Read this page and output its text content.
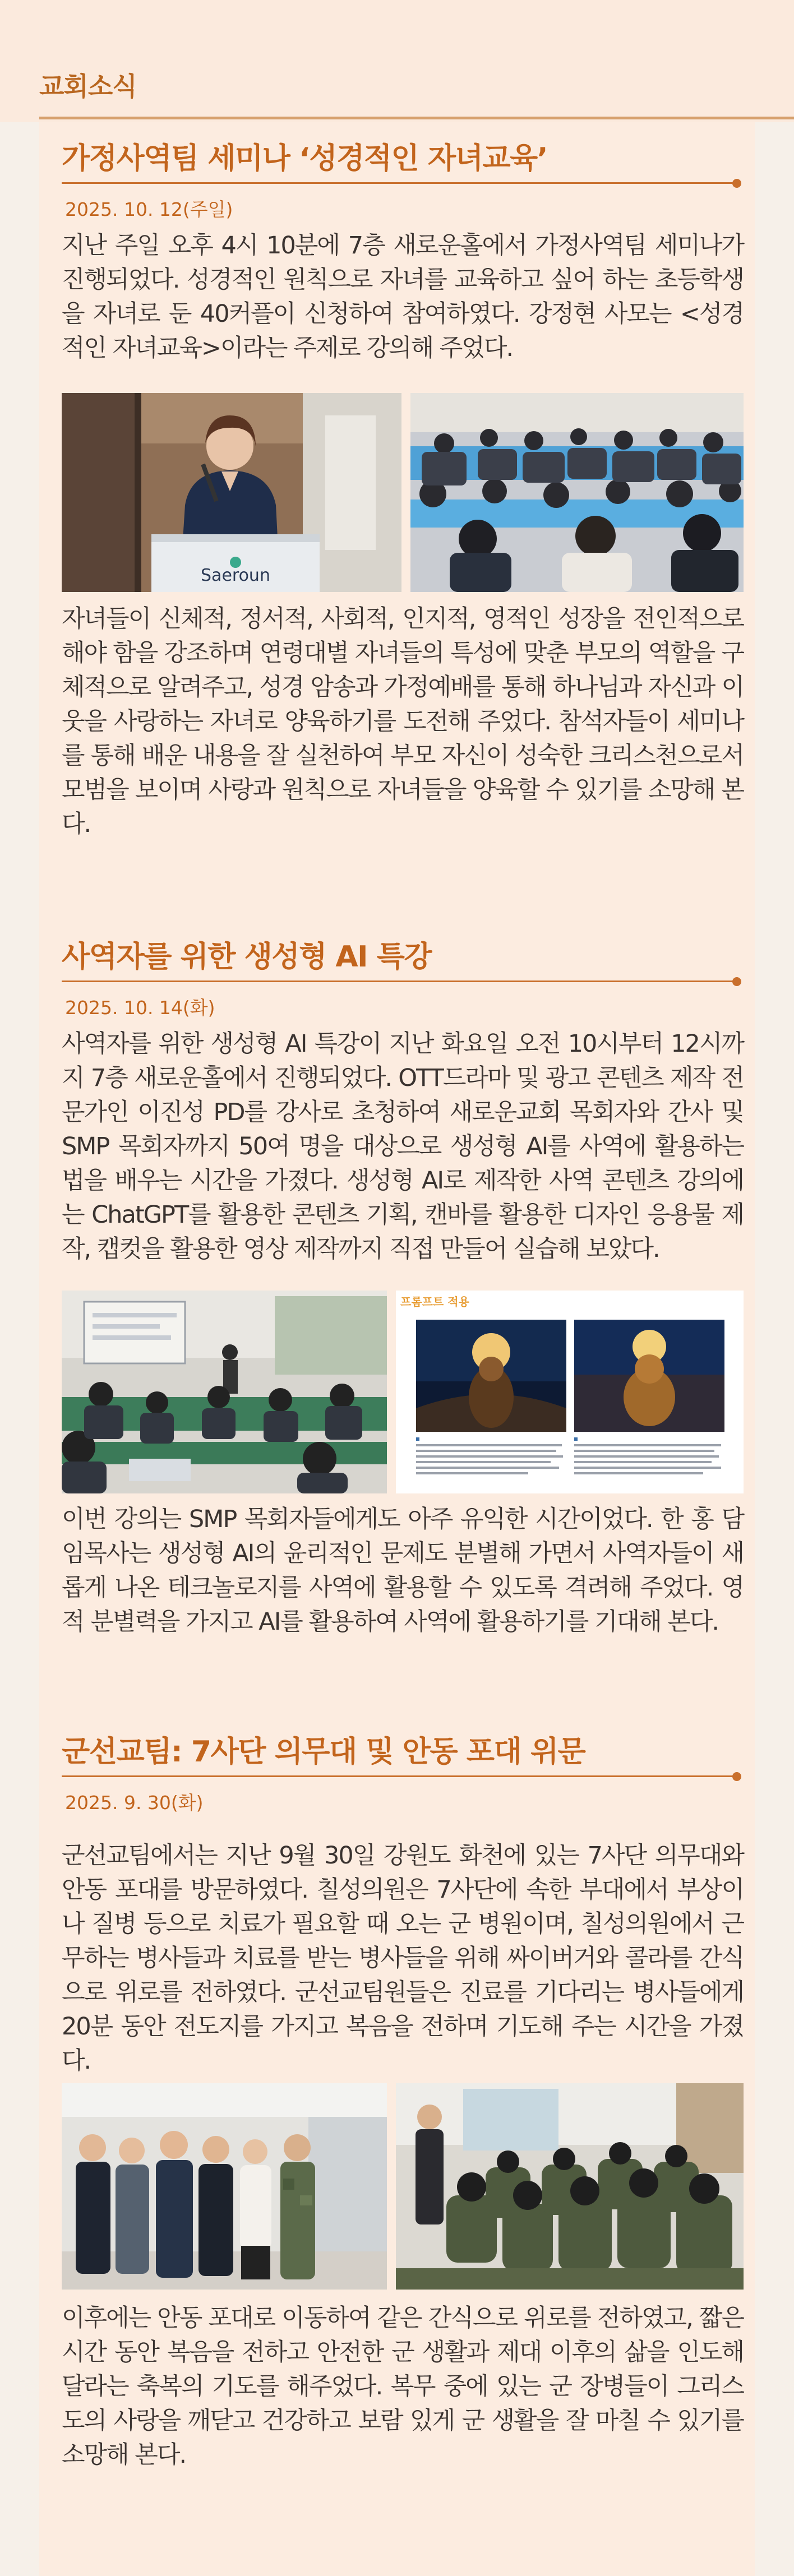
교회소식
가정사역팀 세미나 ‘성경적인 자녀교육’
2025. 10. 12(주일)

지난 주일 오후 4시 10분에 7층 새로운홀에서 가정사역팀 세미나가 진행되었다. 성경적인 원칙으로 자녀를 교육하고 싶어 하는 초등학생을 자녀로 둔 40커플이 신청하여 참여하였다. 강정현 사모는 <성경적인 자녀교육>이라는 주제로 강의해 주었다.

Saeroun

자녀들이 신체적, 정서적, 사회적, 인지적, 영적인 성장을 전인적으로 해야 함을 강조하며 연령대별 자녀들의 특성에 맞춘 부모의 역할을 구체적으로 알려주고, 성경 암송과 가정예배를 통해 하나님과 자신과 이웃을 사랑하는 자녀로 양육하기를 도전해 주었다. 참석자들이 세미나를 통해 배운 내용을 잘 실천하여 부모 자신이 성숙한 크리스천으로서 모범을 보이며 사랑과 원칙으로 자녀들을 양육할 수 있기를 소망해 본다.

사역자를 위한 생성형 AI 특강
2025. 10. 14(화)

사역자를 위한 생성형 AI 특강이 지난 화요일 오전 10시부터 12시까지 7층 새로운홀에서 진행되었다. OTT드라마 및 광고 콘텐츠 제작 전문가인 이진성 PD를 강사로 초청하여 새로운교회 목회자와 간사 및 SMP 목회자까지 50여 명을 대상으로 생성형 AI를 사역에 활용하는 법을 배우는 시간을 가졌다. 생성형 AI로 제작한 사역 콘텐츠 강의에는 ChatGPT를 활용한 콘텐츠 기획, 캔바를 활용한 디자인 응용물 제작, 캡컷을 활용한 영상 제작까지 직접 만들어 실습해 보았다.

프롬프트 적용

이번 강의는 SMP 목회자들에게도 아주 유익한 시간이었다. 한 홍 담임목사는 생성형 AI의 윤리적인 문제도 분별해 가면서 사역자들이 새롭게 나온 테크놀로지를 사역에 활용할 수 있도록 격려해 주었다. 영적 분별력을 가지고 AI를 활용하여 사역에 활용하기를 기대해 본다.

군선교팀: 7사단 의무대 및 안동 포대 위문
2025. 9. 30(화)

군선교팀에서는 지난 9월 30일 강원도 화천에 있는 7사단 의무대와 안동 포대를 방문하였다. 칠성의원은 7사단에 속한 부대에서 부상이나 질병 등으로 치료가 필요할 때 오는 군 병원이며, 칠성의원에서 근무하는 병사들과 치료를 받는 병사들을 위해 싸이버거와 콜라를 간식으로 위로를 전하였다. 군선교팀원들은 진료를 기다리는 병사들에게 20분 동안 전도지를 가지고 복음을 전하며 기도해 주는 시간을 가졌다.

이후에는 안동 포대로 이동하여 같은 간식으로 위로를 전하였고, 짧은 시간 동안 복음을 전하고 안전한 군 생활과 제대 이후의 삶을 인도해 달라는 축복의 기도를 해주었다. 복무 중에 있는 군 장병들이 그리스도의 사랑을 깨닫고 건강하고 보람 있게 군 생활을 잘 마칠 수 있기를 소망해 본다.
